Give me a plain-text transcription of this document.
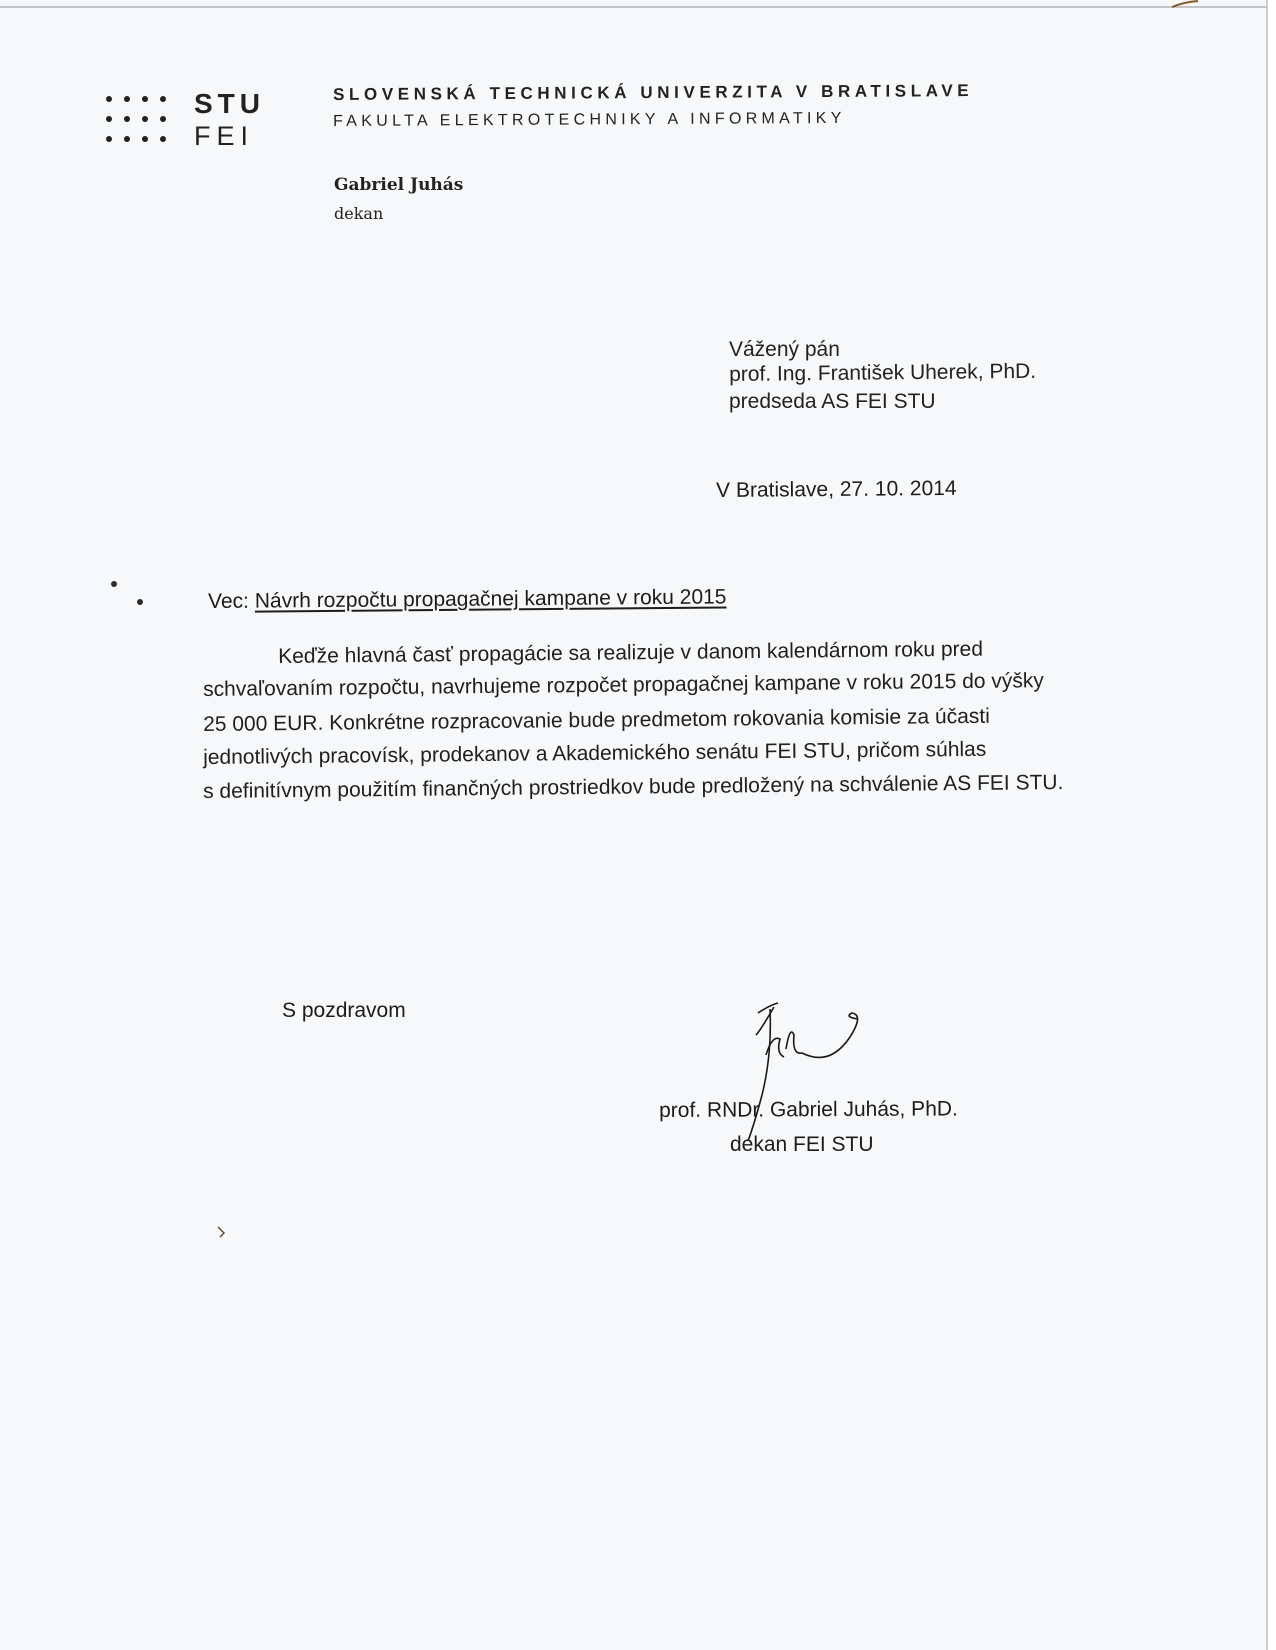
STU
FEI
SLOVENSKÁ TECHNICKÁ UNIVERZITA V BRATISLAVE
FAKULTA ELEKTROTECHNIKY A INFORMATIKY
Gabriel Juhás
dekan
Vážený pán
prof. Ing. František Uherek, PhD.
predseda AS FEI STU
V Bratislave, 27. 10. 2014
Vec: Návrh rozpočtu propagačnej kampane v roku 2015
Keďže hlavná časť propagácie sa realizuje v danom kalendárnom roku pred
schvaľovaním rozpočtu, navrhujeme rozpočet propagačnej kampane v roku 2015 do výšky
25 000 EUR. Konkrétne rozpracovanie bude predmetom rokovania komisie za účasti
jednotlivých pracovísk, prodekanov a Akademického senátu FEI STU, pričom súhlas
s definitívnym použitím finančných prostriedkov bude predložený na schválenie AS FEI STU.
S pozdravom
prof. RNDr. Gabriel Juhás, PhD.
dekan FEI STU
